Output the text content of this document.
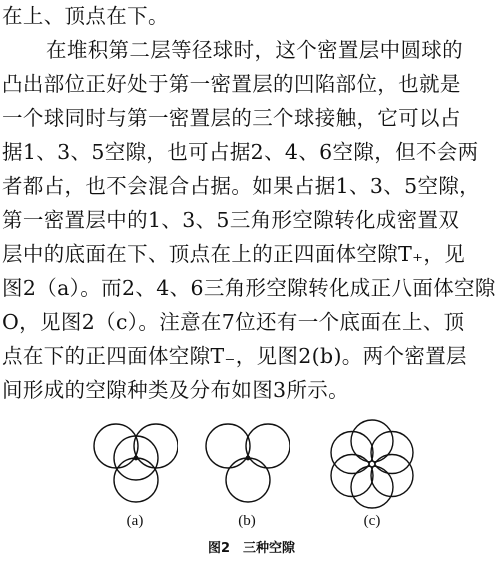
在上、顶点在下。
在堆积第二层等径球时，这个密置层中圆球的
凸出部位正好处于第一密置层的凹陷部位，也就是
一个球同时与第一密置层的三个球接触，它可以占
据1、3、5空隙，也可占据2、4、6空隙，但不会两
者都占，也不会混合占据。如果占据1、3、5空隙，
第一密置层中的1、3、5三角形空隙转化成密置双
层中的底面在下、顶点在上的正四面体空隙T₊，见
图2（a）。而2、4、6三角形空隙转化成正八面体空隙
O，见图2（c）。注意在7位还有一个底面在上、顶
点在下的正四面体空隙T₋，见图2(b)。两个密置层
间形成的空隙种类及分布如图3所示。
(a)	(b)	(c)
图2　三种空隙
